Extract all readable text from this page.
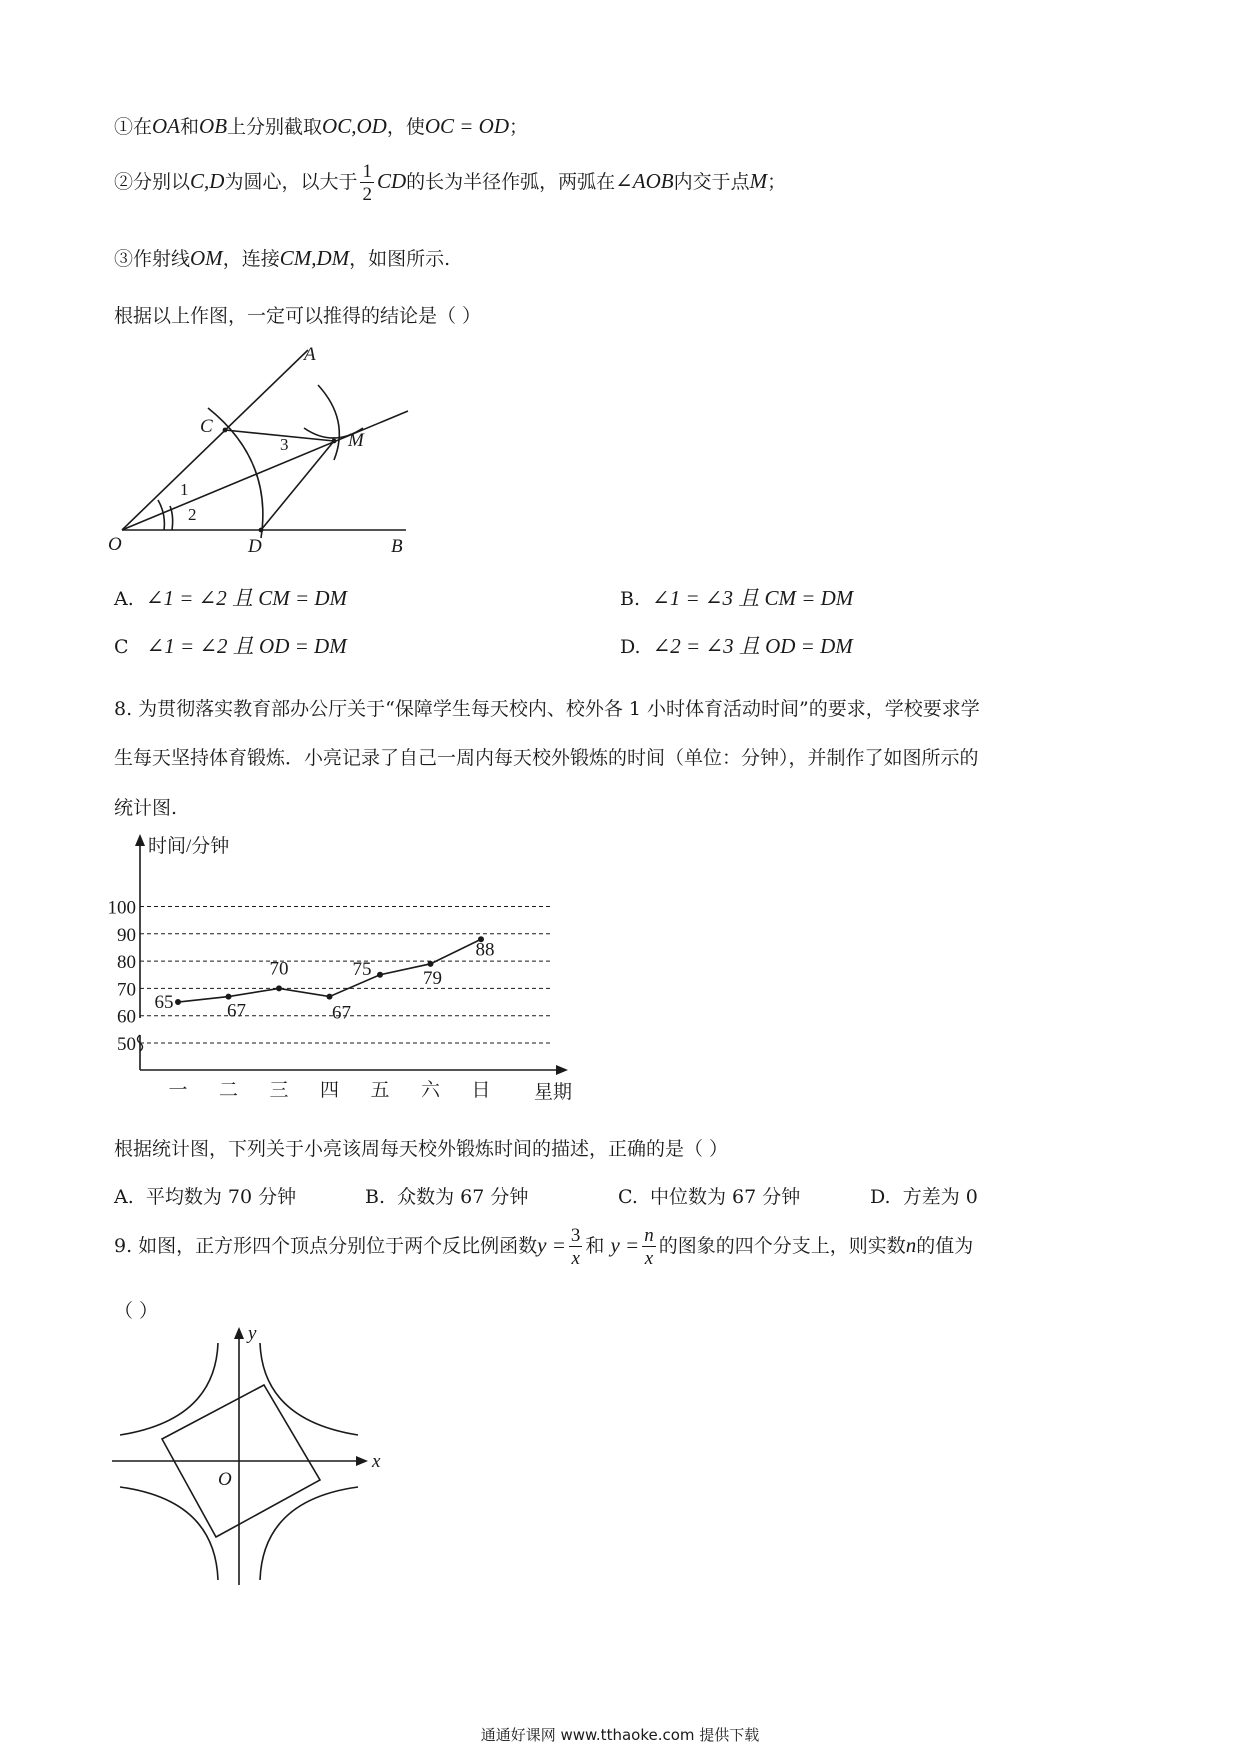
①在OA和OB上分别截取OC,OD，使OC = OD；
②分别以C,D为圆心，以大于 $\frac{1}{2}$ CD的长为半径作弧，两弧在∠AOB内交于点M；
③作射线OM，连接CM,DM，如图所示.
根据以上作图，一定可以推得的结论是（ ）
A
C
M
O	D	B
1
2
3
A. ∠1 = ∠2 且 CM = DM	B. ∠1 = ∠3 且 CM = DM
C ∠1 = ∠2 且 OD = DM	D. ∠2 = ∠3 且 OD = DM
8. 为贯彻落实教育部办公厅关于“保障学生每天校内、校外各 1 小时体育活动时间”的要求，学校要求学
生每天坚持体育锻炼．小亮记录了自己一周内每天校外锻炼的时间（单位：分钟），并制作了如图所示的
统计图.
时间/分钟
星期
50
60
70
80
90
100
一 二 三 四 五 六 日
65	67
70
67
75	79
88
根据统计图，下列关于小亮该周每天校外锻炼时间的描述，正确的是（ ）
A. 平均数为 70 分钟	B. 众数为 67 分钟	C. 中位数为 67 分钟	D. 方差为 0
9. 如图，正方形四个顶点分别位于两个反比例函数$y = \frac{3}{x}$ 和 $y = \frac{n}{x}$ 的图象的四个分支上，则实数n的值为
（ ）
x
y
O
通通好课网 www.tthaoke.com 提供下载
